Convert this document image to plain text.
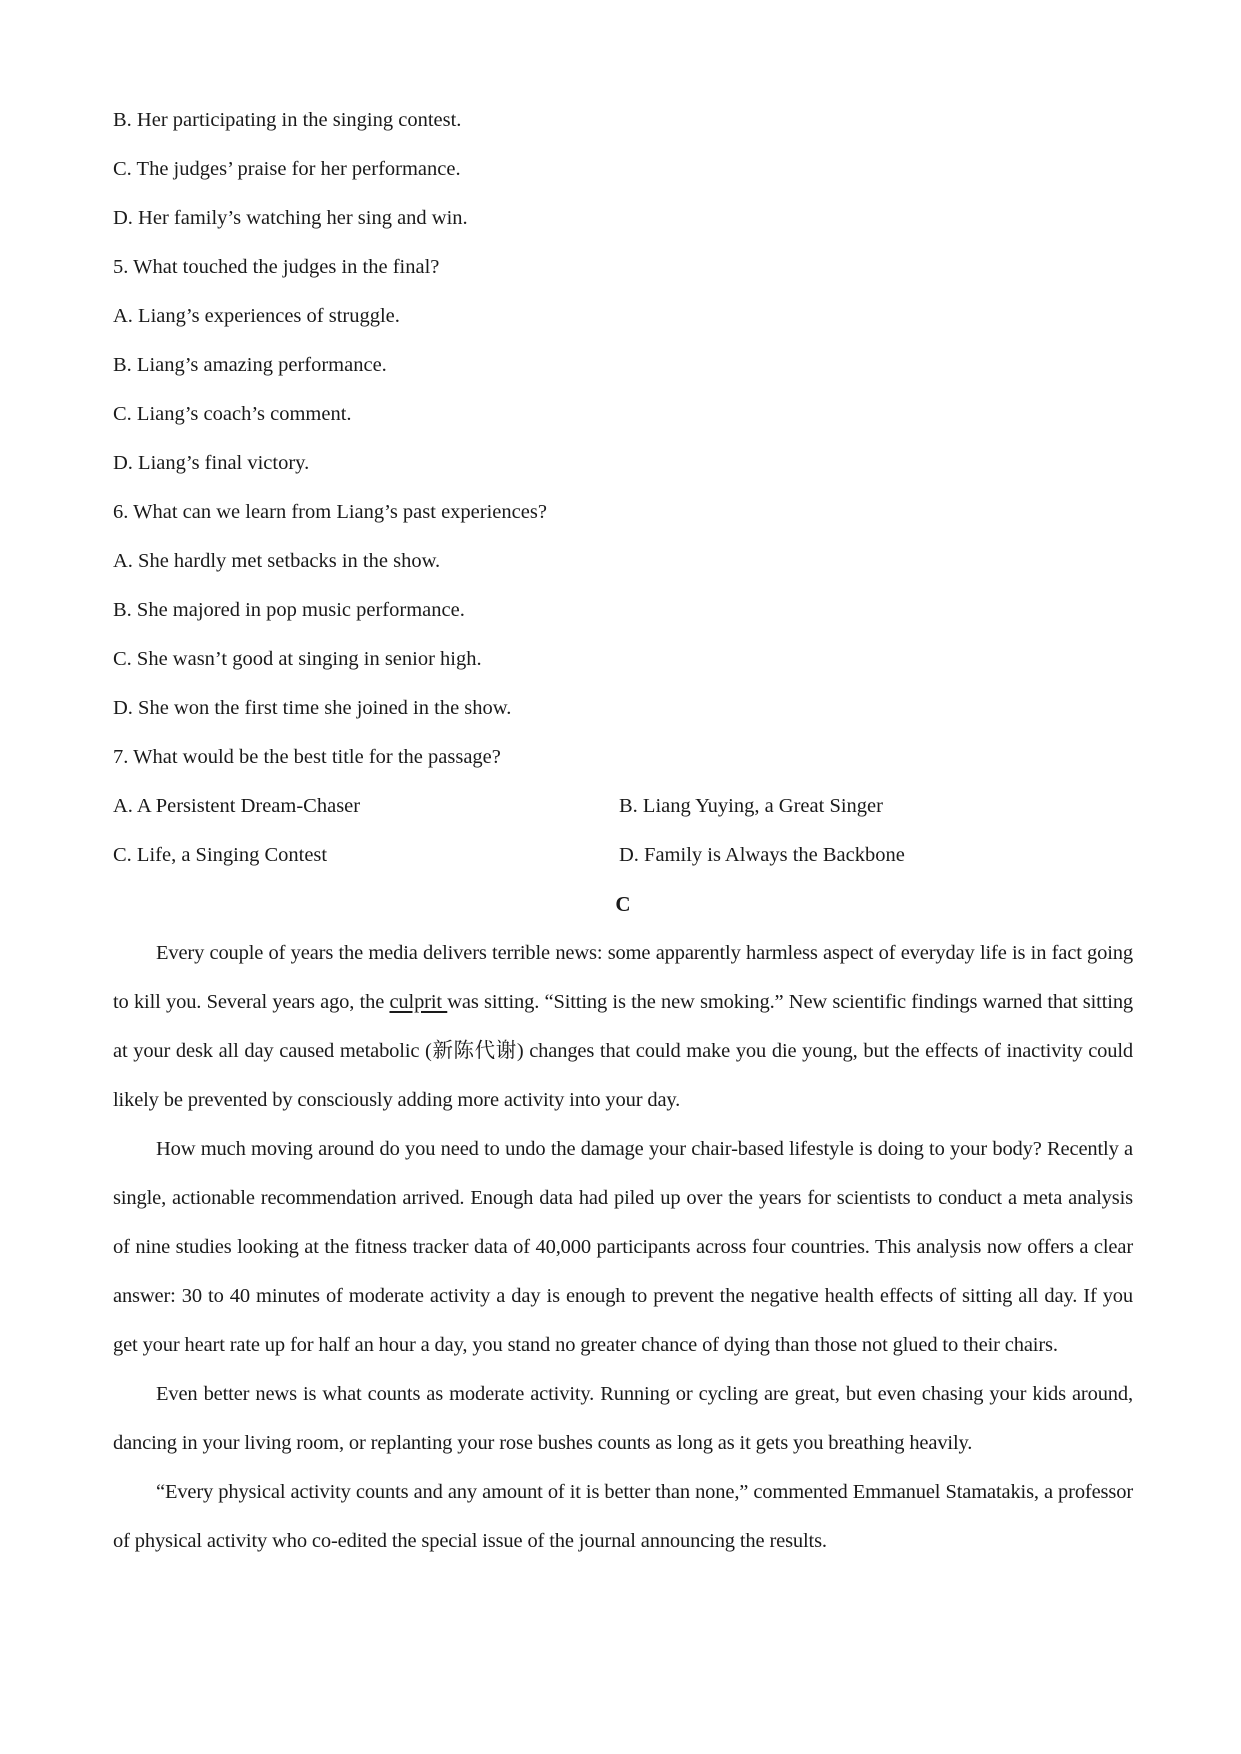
B. Her participating in the singing contest.
C. The judges’ praise for her performance.
D. Her family’s watching her sing and win.
5. What touched the judges in the final?
A. Liang’s experiences of struggle.
B. Liang’s amazing performance.
C. Liang’s coach’s comment.
D. Liang’s final victory.
6. What can we learn from Liang’s past experiences?
A. She hardly met setbacks in the show.
B. She majored in pop music performance.
C. She wasn’t good at singing in senior high.
D. She won the first time she joined in the show.
7. What would be the best title for the passage?
A. A Persistent Dream-Chaser	B. Liang Yuying, a Great Singer
C. Life, a Singing Contest	D. Family is Always the Backbone
C

Every couple of years the media delivers terrible news: some apparently harmless aspect of everyday life is in fact going to kill you. Several years ago, the culprit was sitting. “Sitting is the new smoking.” New scientific findings warned that sitting at your desk all day caused metabolic (新陈代谢) changes that could make you die young, but the effects of inactivity could likely be prevented by consciously adding more activity into your day.

How much moving around do you need to undo the damage your chair-based lifestyle is doing to your body? Recently a single, actionable recommendation arrived. Enough data had piled up over the years for scientists to conduct a meta analysis of nine studies looking at the fitness tracker data of 40,000 participants across four countries. This analysis now offers a clear answer: 30 to 40 minutes of moderate activity a day is enough to prevent the negative health effects of sitting all day. If you get your heart rate up for half an hour a day, you stand no greater chance of dying than those not glued to their chairs.

Even better news is what counts as moderate activity. Running or cycling are great, but even chasing your kids around, dancing in your living room, or replanting your rose bushes counts as long as it gets you breathing heavily.

“Every physical activity counts and any amount of it is better than none,” commented Emmanuel Stamatakis, a professor of physical activity who co-edited the special issue of the journal announcing the results.
